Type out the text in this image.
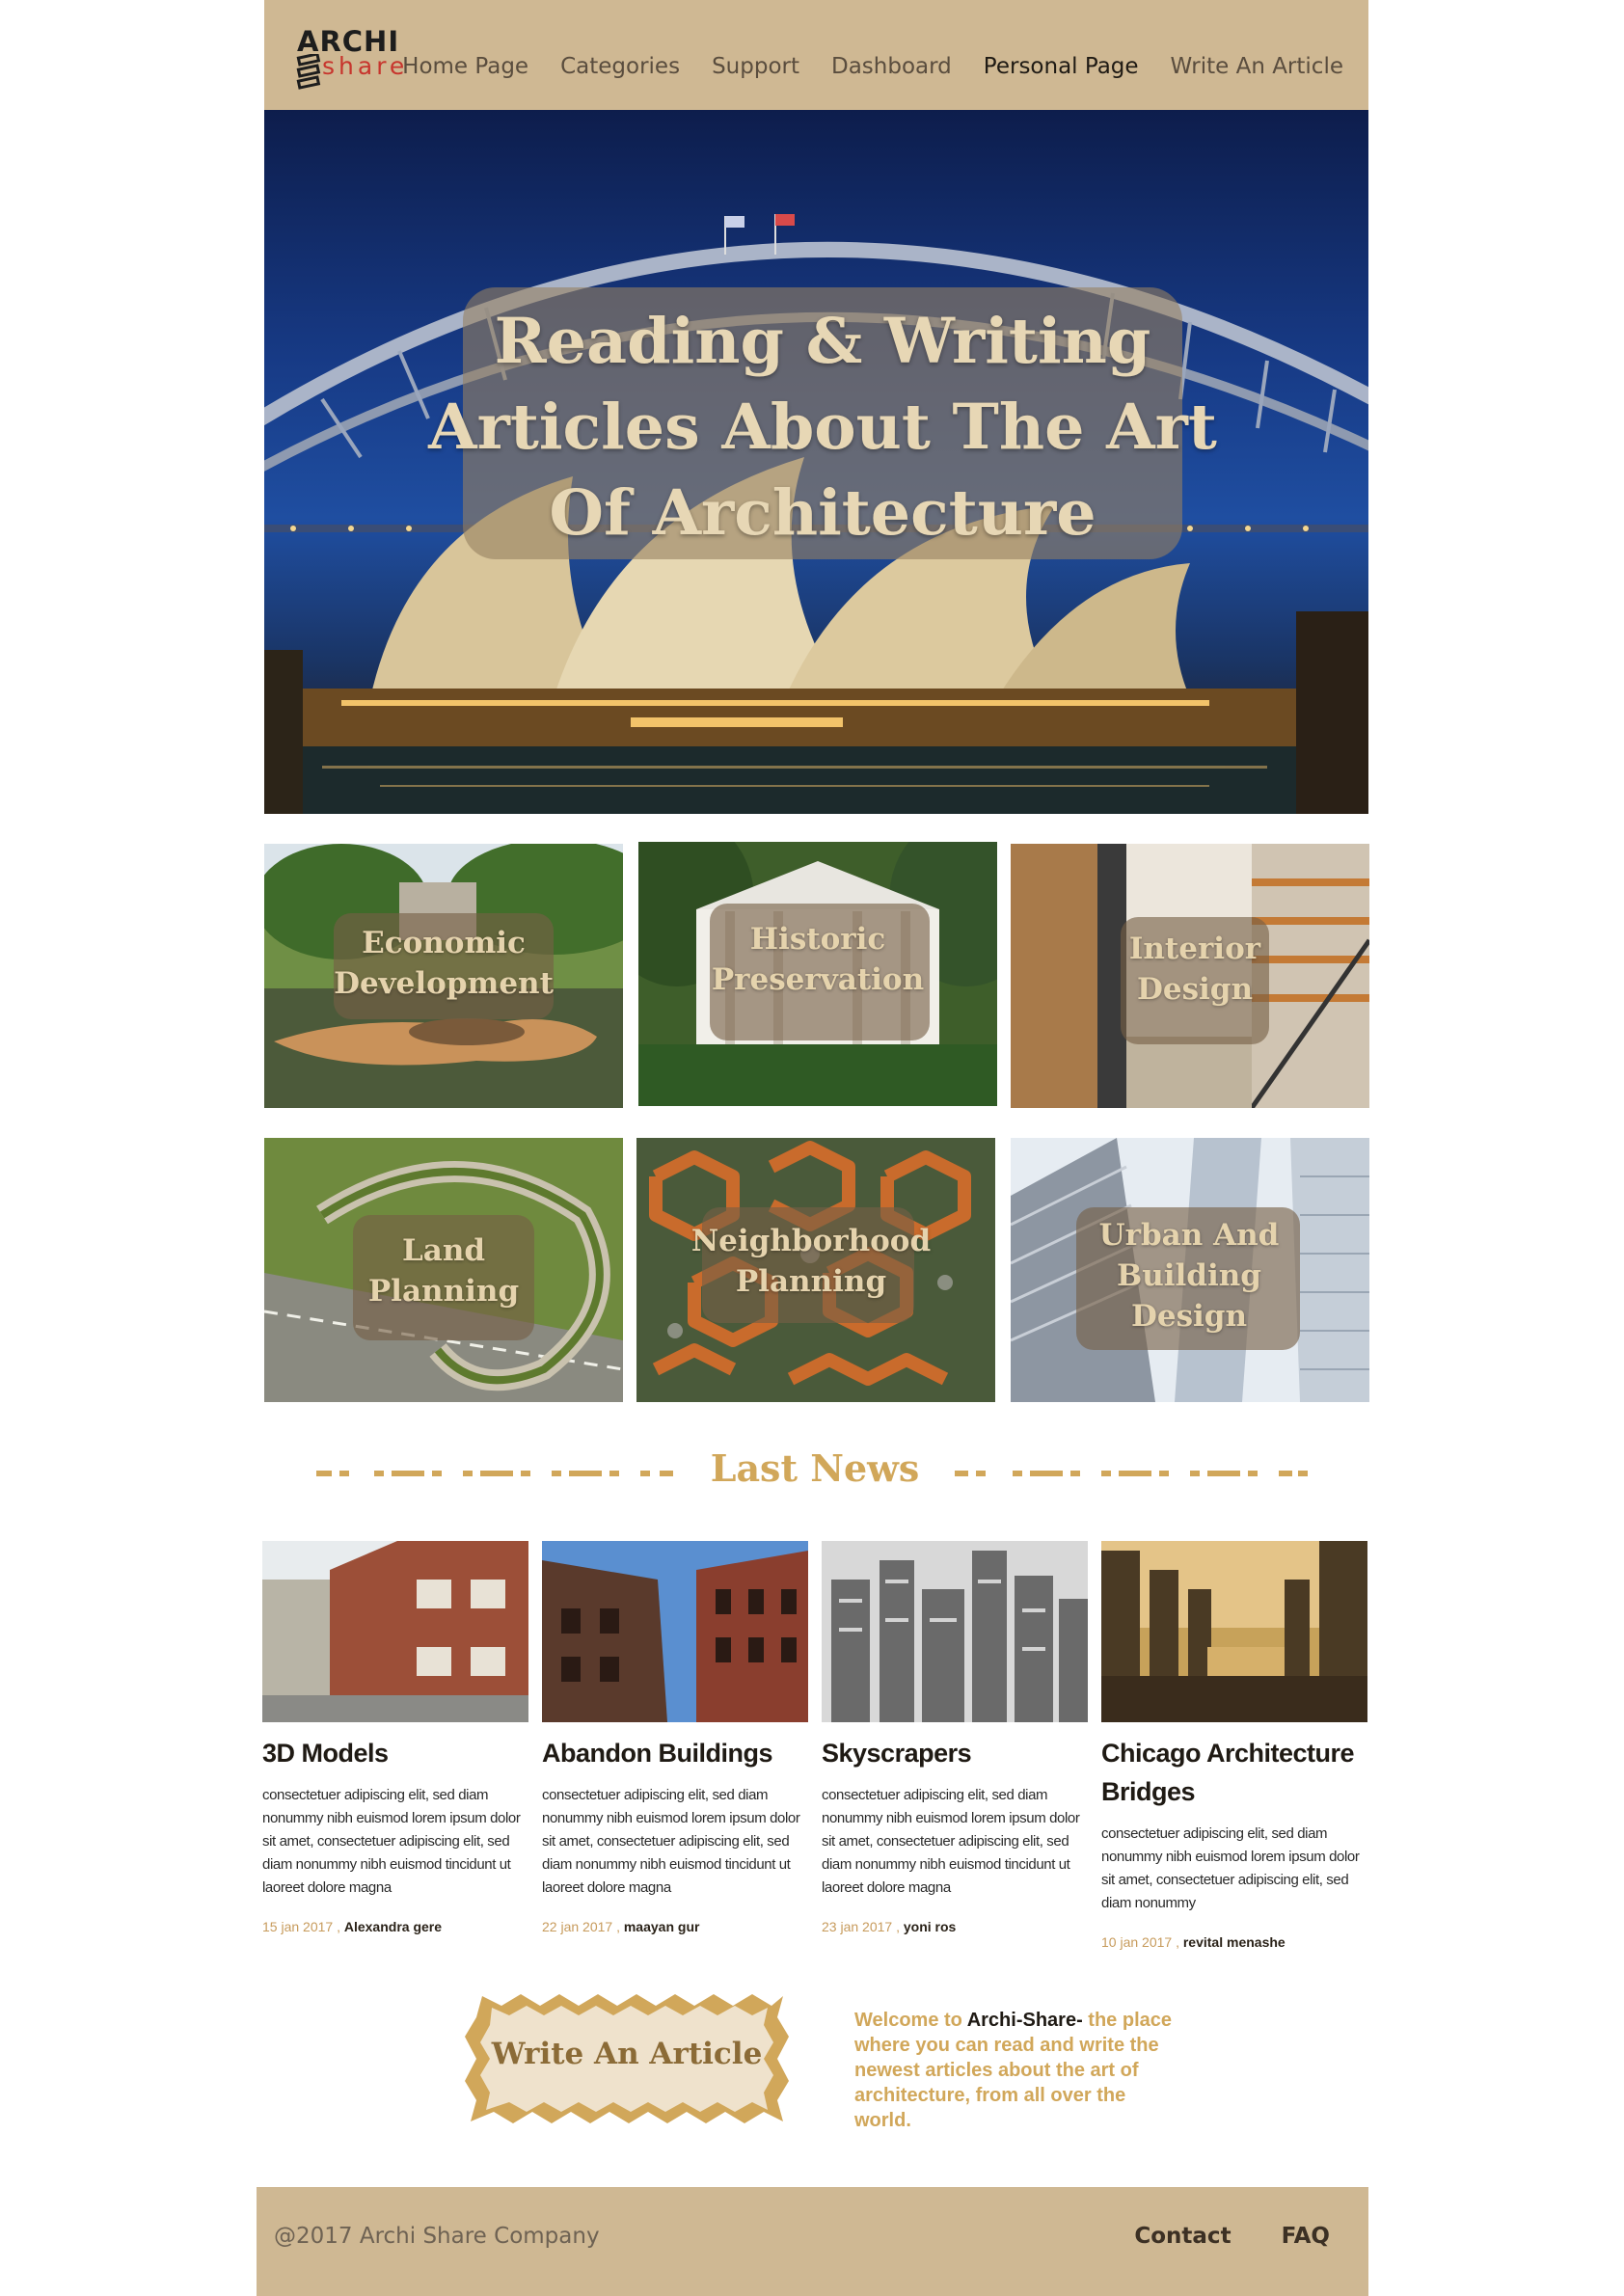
ARCHI
share
Home Page Categories Support Dashboard Personal Page Write An Article
Reading & Writing Articles About The Art Of Architecture
Economic
Development
Historic
Preservation
Interior
Design
Land
Planning
Neighborhood
Planning
Urban And
Building
Design
Last News
3D Models
consectetuer adipiscing elit, sed diam nonummy nibh euismod lorem ipsum dolor sit amet, consectetuer adipiscing elit, sed diam nonummy nibh euismod tincidunt ut laoreet dolore magna
15 jan 2017 , Alexandra gere
Abandon Buildings
consectetuer adipiscing elit, sed diam nonummy nibh euismod lorem ipsum dolor sit amet, consectetuer adipiscing elit, sed diam nonummy nibh euismod tincidunt ut laoreet dolore magna
22 jan 2017 , maayan gur
Skyscrapers
consectetuer adipiscing elit, sed diam nonummy nibh euismod lorem ipsum dolor sit amet, consectetuer adipiscing elit, sed diam nonummy nibh euismod tincidunt ut laoreet dolore magna
23 jan 2017 , yoni ros
Chicago Architecture Bridges
consectetuer adipiscing elit, sed diam nonummy nibh euismod lorem ipsum dolor sit amet, consectetuer adipiscing elit, sed diam nonummy
10 jan 2017 , revital menashe
Write An Article
Welcome to Archi-Share- the place where you can read and write the newest articles about the art of architecture, from all over the world.
@2017 Archi Share Company	Contact FAQ
